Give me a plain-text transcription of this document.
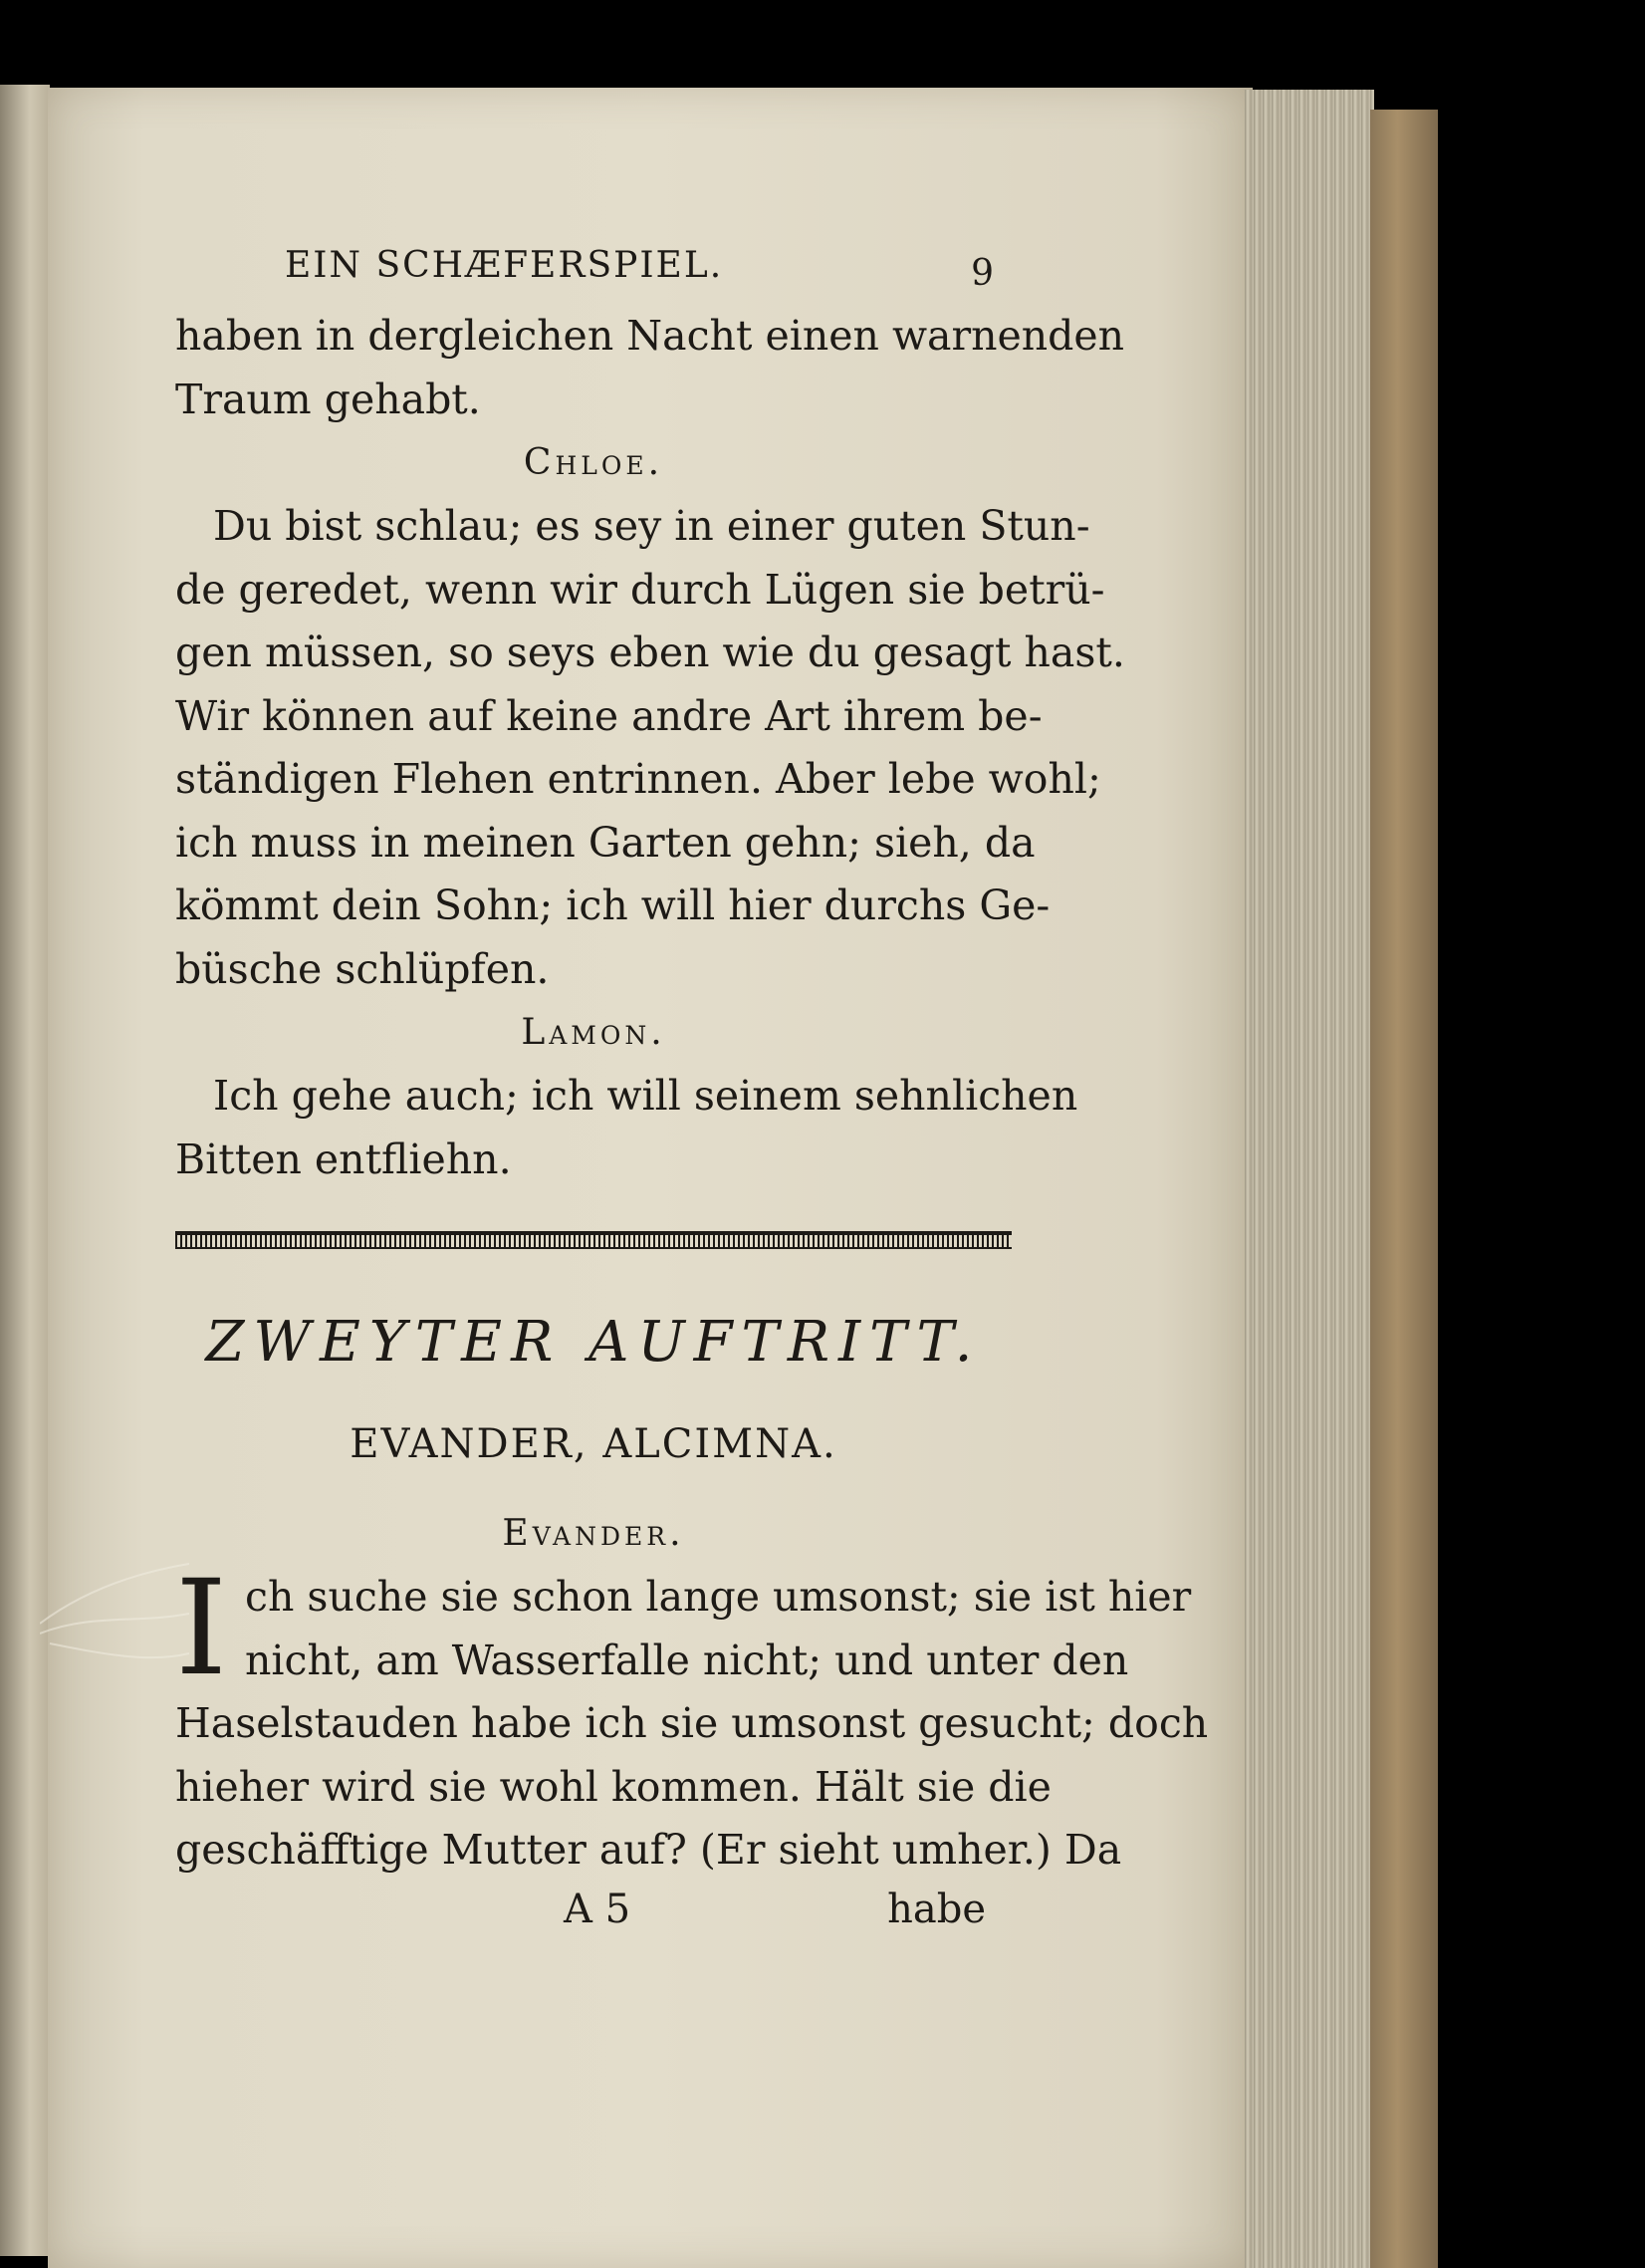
EIN SCHÆFERSPIEL.	9
haben in dergleichen Nacht einen warnenden
Traum gehabt.
Chloe.
Du bist schlau; es sey in einer guten Stun-
de geredet, wenn wir durch Lügen sie betrü-
gen müssen, so seys eben wie du gesagt hast.
Wir können auf keine andre Art ihrem be-
ständigen Flehen entrinnen. Aber lebe wohl;
ich muss in meinen Garten gehn; sieh, da
kömmt dein Sohn; ich will hier durchs Ge-
büsche schlüpfen.
Lamon.
Ich gehe auch; ich will seinem sehnlichen
Bitten entfliehn.
ZWEYTER AUFTRITT.
EVANDER, ALCIMNA.
Evander.
I ch suche sie schon lange umsonst; sie ist hier
nicht, am Wasserfalle nicht; und unter den
Haselstauden habe ich sie umsonst gesucht; doch
hieher wird sie wohl kommen. Hält sie die
geschäfftige Mutter auf? (Er sieht umher.) Da
A 5	habe
